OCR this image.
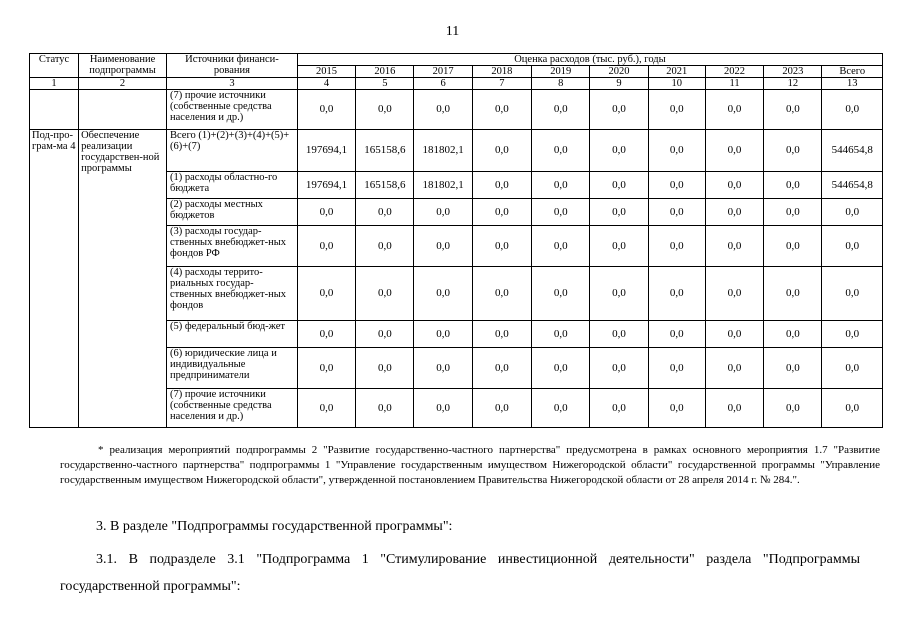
11
Статус	Наименование подпрограммы	Источники финанси-рования	Оценка расходов (тыс. руб.), годы									
			2015	2016	2017	2018	2019	2020	2021	2022	2023	Всего
1	2	3	4	5	6	7	8	9	10	11	12	13
		(7) прочие источники (собственные средства населения и др.)	0,0	0,0	0,0	0,0	0,0	0,0	0,0	0,0	0,0	0,0
Под-про-грам-ма 4	Обеспечение реализации государствен-ной программы	Всего (1)+(2)+(3)+(4)+(5)+(6)+(7)	197694,1	165158,6	181802,1	0,0	0,0	0,0	0,0	0,0	0,0	544654,8
		(1) расходы областно-го бюджета	197694,1	165158,6	181802,1	0,0	0,0	0,0	0,0	0,0	0,0	544654,8
		(2) расходы местных бюджетов	0,0	0,0	0,0	0,0	0,0	0,0	0,0	0,0	0,0	0,0
		(3) расходы государ-ственных внебюджет-ных фондов РФ	0,0	0,0	0,0	0,0	0,0	0,0	0,0	0,0	0,0	0,0
		(4) расходы террито-риальных государ-ственных внебюджет-ных фондов	0,0	0,0	0,0	0,0	0,0	0,0	0,0	0,0	0,0	0,0
		(5) федеральный бюд-жет	0,0	0,0	0,0	0,0	0,0	0,0	0,0	0,0	0,0	0,0
		(6) юридические лица и индивидуальные предприниматели	0,0	0,0	0,0	0,0	0,0	0,0	0,0	0,0	0,0	0,0
		(7) прочие источники (собственные средства населения и др.)	0,0	0,0	0,0	0,0	0,0	0,0	0,0	0,0	0,0	0,0
* реализация мероприятий подпрограммы 2 "Развитие государственно-частного партнерства" предусмотрена в рамках основного мероприятия 1.7 "Развитие государственно-частного партнерства" подпрограммы 1 "Управление государственным имуществом Нижегородской области" государственной программы "Управление государственным имуществом Нижегородской области", утвержденной постановлением Правительства Нижегородской области от 28 апреля 2014 г. № 284.".
3. В разделе "Подпрограммы государственной программы":
3.1. В подразделе 3.1 "Подпрограмма 1 "Стимулирование инвестиционной деятельности" раздела "Подпрограммы государственной программы":
